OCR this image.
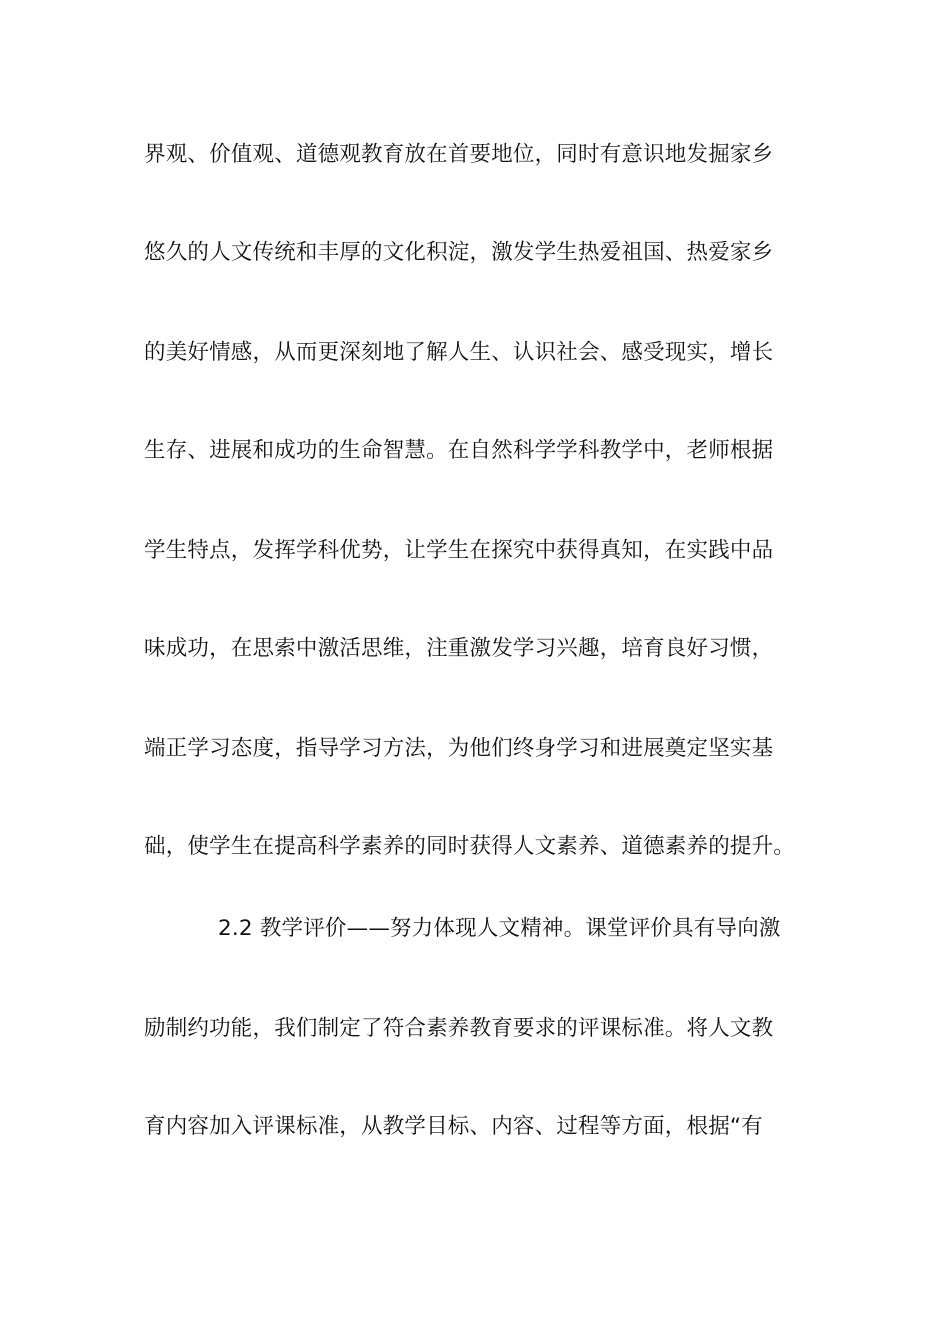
界观、价值观、道德观教育放在首要地位，同时有意识地发掘家乡
悠久的人文传统和丰厚的文化积淀，激发学生热爱祖国、热爱家乡
的美好情感，从而更深刻地了解人生、认识社会、感受现实，增长
生存、进展和成功的生命智慧。在自然科学学科教学中，老师根据
学生特点，发挥学科优势，让学生在探究中获得真知，在实践中品
味成功，在思索中激活思维，注重激发学习兴趣，培育良好习惯，
端正学习态度，指导学习方法，为他们终身学习和进展奠定坚实基
础，使学生在提高科学素养的同时获得人文素养、道德素养的提升。
2.2 教学评价——努力体现人文精神。课堂评价具有导向激
励制约功能，我们制定了符合素养教育要求的评课标准。将人文教
育内容加入评课标准，从教学目标、内容、过程等方面，根据“有
